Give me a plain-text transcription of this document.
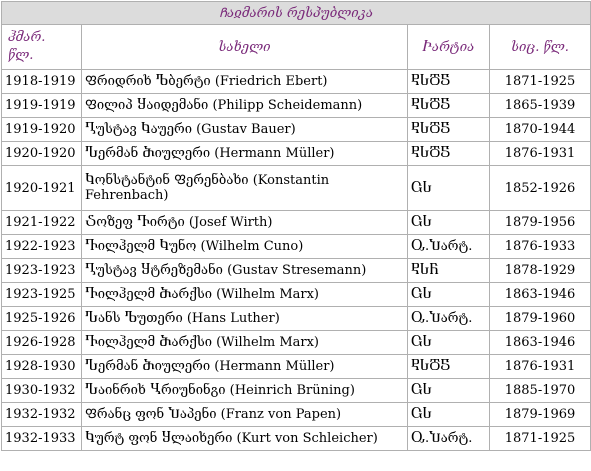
Ჩაჲმარის რესპუბლიკა			
ჰმარ.
წლ.	სახელი	Ⴡარტია	სიც. წლ.
1918-1919	Ფრიდრიხ Ⴊბერტი (Friedrich Ebert)	ႲႱႣႽ	1871-1925
1919-1919	Ფილიპ Ⴘაიდემანი (Philipp Scheidemann)	ႲႱႣႽ	1865-1939
1919-1920	Ⴂუსტავ Ⴉაუერი (Gustav Bauer)	ႲႱႣႽ	1870-1944
1920-1920	Ⴠერმან Ⴋიულერი (Hermann Müller)	ႲႱႣႽ	1876-1931
1920-1921	Ⴉონსტანტინ Ფერენბახი (Konstantin Fehrenbach)	ႺႱ	1852-1926
1921-1922	Ⴢოზეფ Ⴅირტი (Josef Wirth)	ႺႱ	1879-1956
1922-1923	Ⴅილჰელმ Ⴉუნო (Wilhelm Cuno)	Ⴍ.Ⴎარტ.	1876-1933
1923-1923	Ⴂუსტავ Ⴘტრეზემანი (Gustav Stresemann)	ႲႱႬ	1878-1929
1923-1925	Ⴅილჰელმ Ⴋარქსი (Wilhelm Marx)	ႺႱ	1863-1946
1925-1926	Ⴠანს Ⴊუთერი (Hans Luther)	Ⴍ.Ⴎარტ.	1879-1960
1926-1928	Ⴅილჰელმ Ⴋარქსი (Wilhelm Marx)	ႺႱ	1863-1946
1928-1930	Ⴠერმან Ⴋიულერი (Hermann Müller)	ႲႱႣႽ	1876-1931
1930-1932	Ⴠაინრიხ Ⴁრიუნინგი (Heinrich Brüning)	ႺႱ	1885-1970
1932-1932	Ფრანც ფონ Ⴎაპენი (Franz von Papen)	ႺႱ	1879-1969
1932-1933	Ⴉურტ ფონ Ⴘლაიხერი (Kurt von Schleicher)	Ⴍ.Ⴎარტ.	1871-1925
